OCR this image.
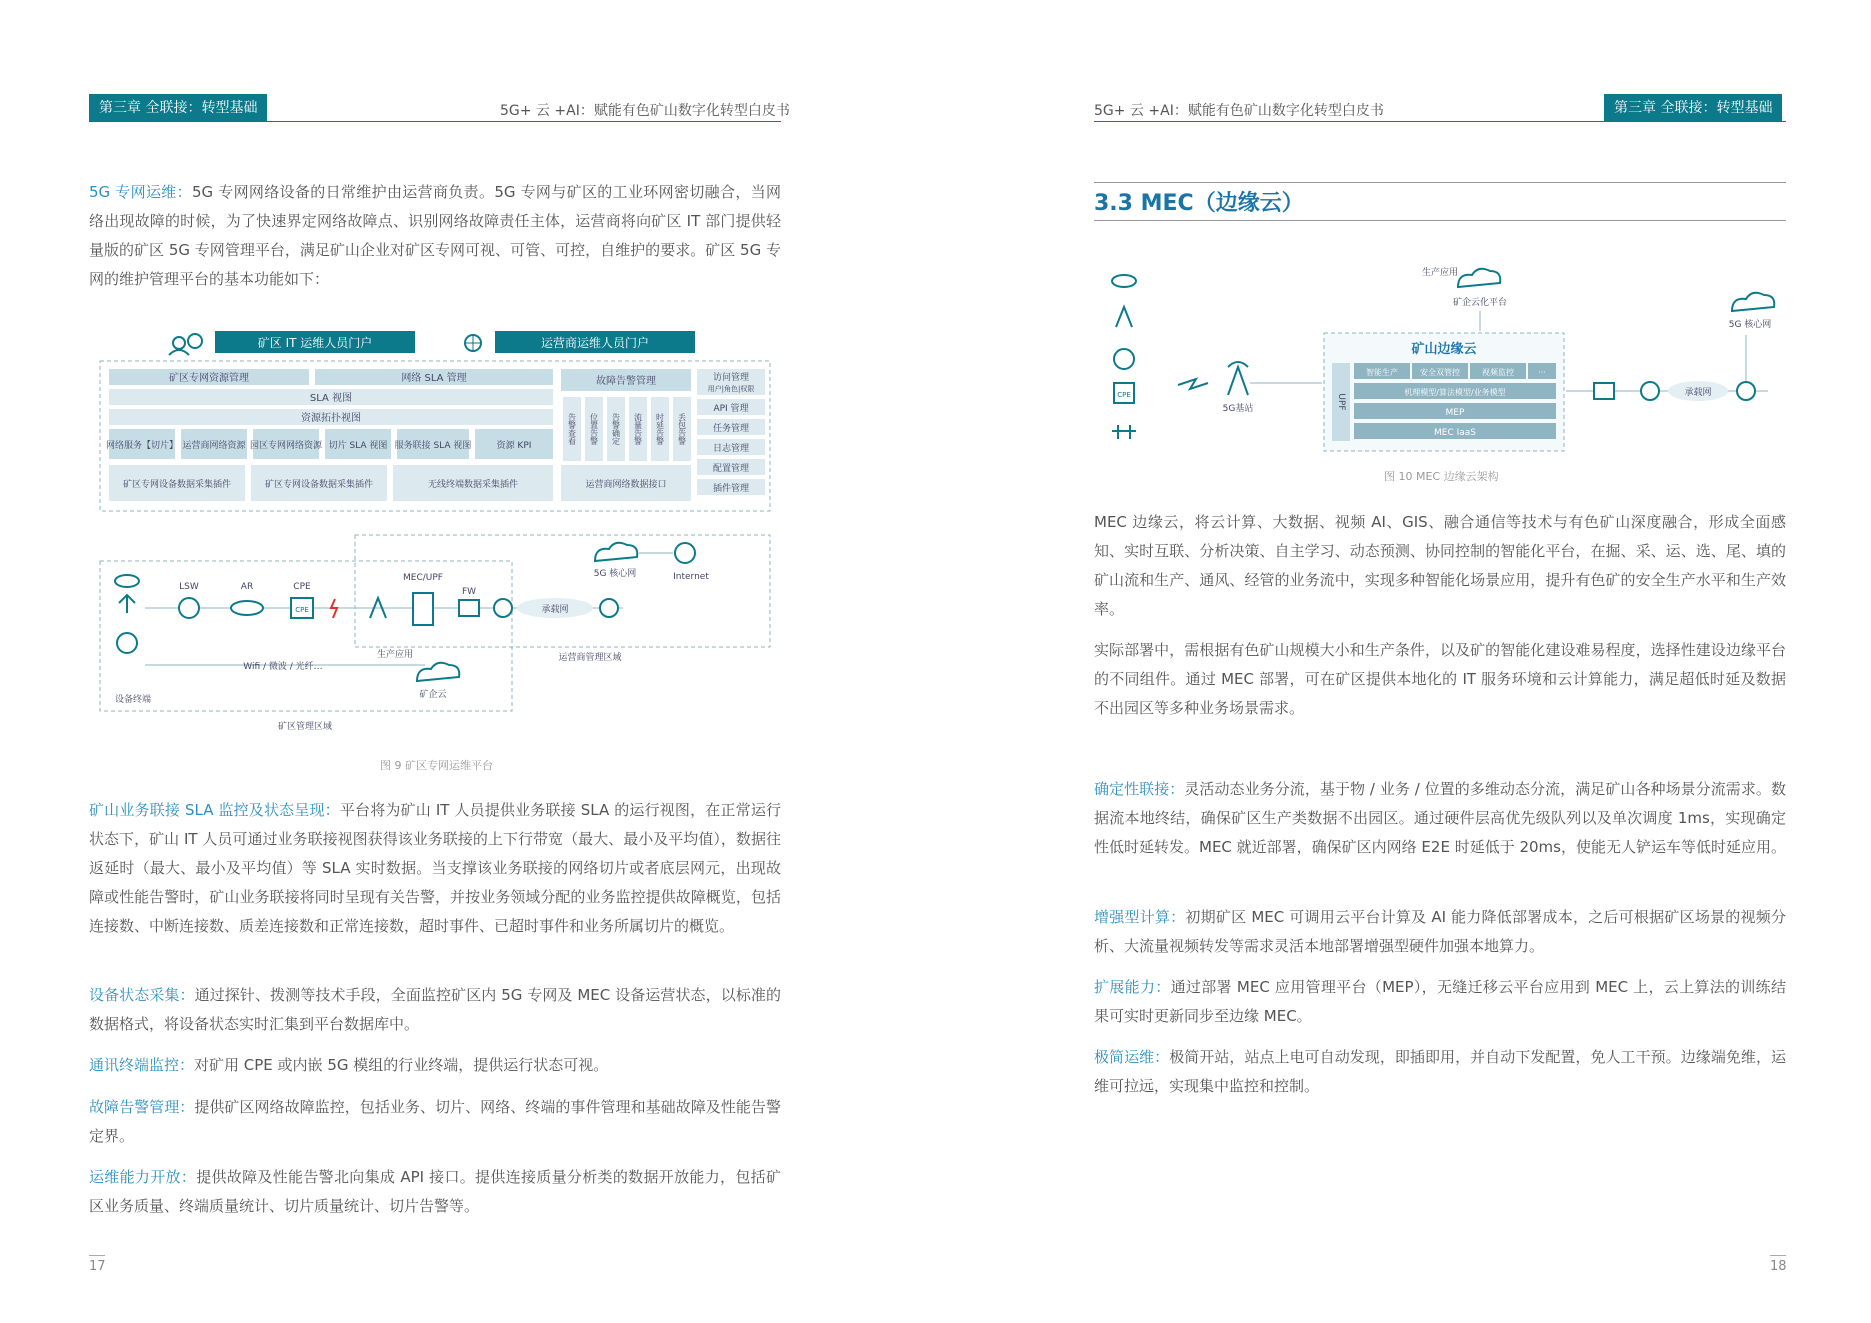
第三章 全联接：转型基础	5G+ 云 +AI：赋能有色矿山数字化转型白皮书
5G 专网运维：5G 专网网络设备的日常维护由运营商负责。5G 专网与矿区的工业环网密切融合，当网络出现故障的时候，为了快速界定网络故障点、识别网络故障责任主体，运营商将向矿区 IT 部门提供轻量版的矿区 5G 专网管理平台，满足矿山企业对矿区专网可视、可管、可控，自维护的要求。矿区 5G 专网的维护管理平台的基本功能如下：
矿区 IT 运维人员门户	运营商运维人员门户
矿区专网资源管理	网络 SLA 管理
SLA 视图
资源拓扑视图
网络服务【切片】 运营商网络资源 园区专网网络资源 切片 SLA 视图 服务联接 SLA 视图	资源 KPI
矿区专网设备数据采集插件	矿区专网设备数据采集插件	无线终端数据采集插件
故障告警管理
告警查看 位置告警 告警确定 流量告警 时延告警 丢包告警
运营商网络数据接口
访问管理
用户|角色|权限
API 管理
任务管理
日志管理
配置管理
插件管理
设备终端
LSW	AR
CPE
CPE
MEC/UPF
FW
承载网
5G 核心网	Internet
Wifi / 微波 / 光纤…
生产应用
矿企云
矿区管理区域
运营商管理区域
图 9 矿区专网运维平台
矿山业务联接 SLA 监控及状态呈现：平台将为矿山 IT 人员提供业务联接 SLA 的运行视图，在正常运行状态下，矿山 IT 人员可通过业务联接视图获得该业务联接的上下行带宽（最大、最小及平均值），数据往返延时（最大、最小及平均值）等 SLA 实时数据。当支撑该业务联接的网络切片或者底层网元，出现故障或性能告警时，矿山业务联接将同时呈现有关告警，并按业务领域分配的业务监控提供故障概览，包括连接数、中断连接数、质差连接数和正常连接数，超时事件、已超时事件和业务所属切片的概览。
设备状态采集：通过探针、拨测等技术手段，全面监控矿区内 5G 专网及 MEC 设备运营状态，以标准的数据格式，将设备状态实时汇集到平台数据库中。
通讯终端监控：对矿用 CPE 或内嵌 5G 模组的行业终端，提供运行状态可视。
故障告警管理：提供矿区网络故障监控，包括业务、切片、网络、终端的事件管理和基础故障及性能告警定界。
运维能力开放：提供故障及性能告警北向集成 API 接口。提供连接质量分析类的数据开放能力，包括矿区业务质量、终端质量统计、切片质量统计、切片告警等。
17
5G+ 云 +AI：赋能有色矿山数字化转型白皮书	第三章 全联接：转型基础
3.3 MEC（边缘云）
CPE
5G基站
生产应用
矿企云化平台
矿山边缘云
UPF
智能生产	安全双管控	视频监控	···
机理模型/算法模型/业务模型
MEP
MEC IaaS
承载网
5G 核心网
图 10 MEC 边缘云架构
MEC 边缘云，将云计算、大数据、视频 AI、GIS、融合通信等技术与有色矿山深度融合，形成全面感知、实时互联、分析决策、自主学习、动态预测、协同控制的智能化平台，在掘、采、运、选、尾、填的矿山流和生产、通风、经管的业务流中，实现多种智能化场景应用，提升有色矿的安全生产水平和生产效率。
实际部署中，需根据有色矿山规模大小和生产条件，以及矿的智能化建设难易程度，选择性建设边缘平台的不同组件。通过 MEC 部署，可在矿区提供本地化的 IT 服务环境和云计算能力，满足超低时延及数据不出园区等多种业务场景需求。
确定性联接：灵活动态业务分流，基于物 / 业务 / 位置的多维动态分流，满足矿山各种场景分流需求。数据流本地终结，确保矿区生产类数据不出园区。通过硬件层高优先级队列以及单次调度 1ms，实现确定性低时延转发。MEC 就近部署，确保矿区内网络 E2E 时延低于 20ms，使能无人铲运车等低时延应用。
增强型计算：初期矿区 MEC 可调用云平台计算及 AI 能力降低部署成本，之后可根据矿区场景的视频分析、大流量视频转发等需求灵活本地部署增强型硬件加强本地算力。
扩展能力：通过部署 MEC 应用管理平台（MEP），无缝迁移云平台应用到 MEC 上，云上算法的训练结果可实时更新同步至边缘 MEC。
极简运维：极简开站，站点上电可自动发现，即插即用，并自动下发配置，免人工干预。边缘端免维，运维可拉远，实现集中监控和控制。
18
